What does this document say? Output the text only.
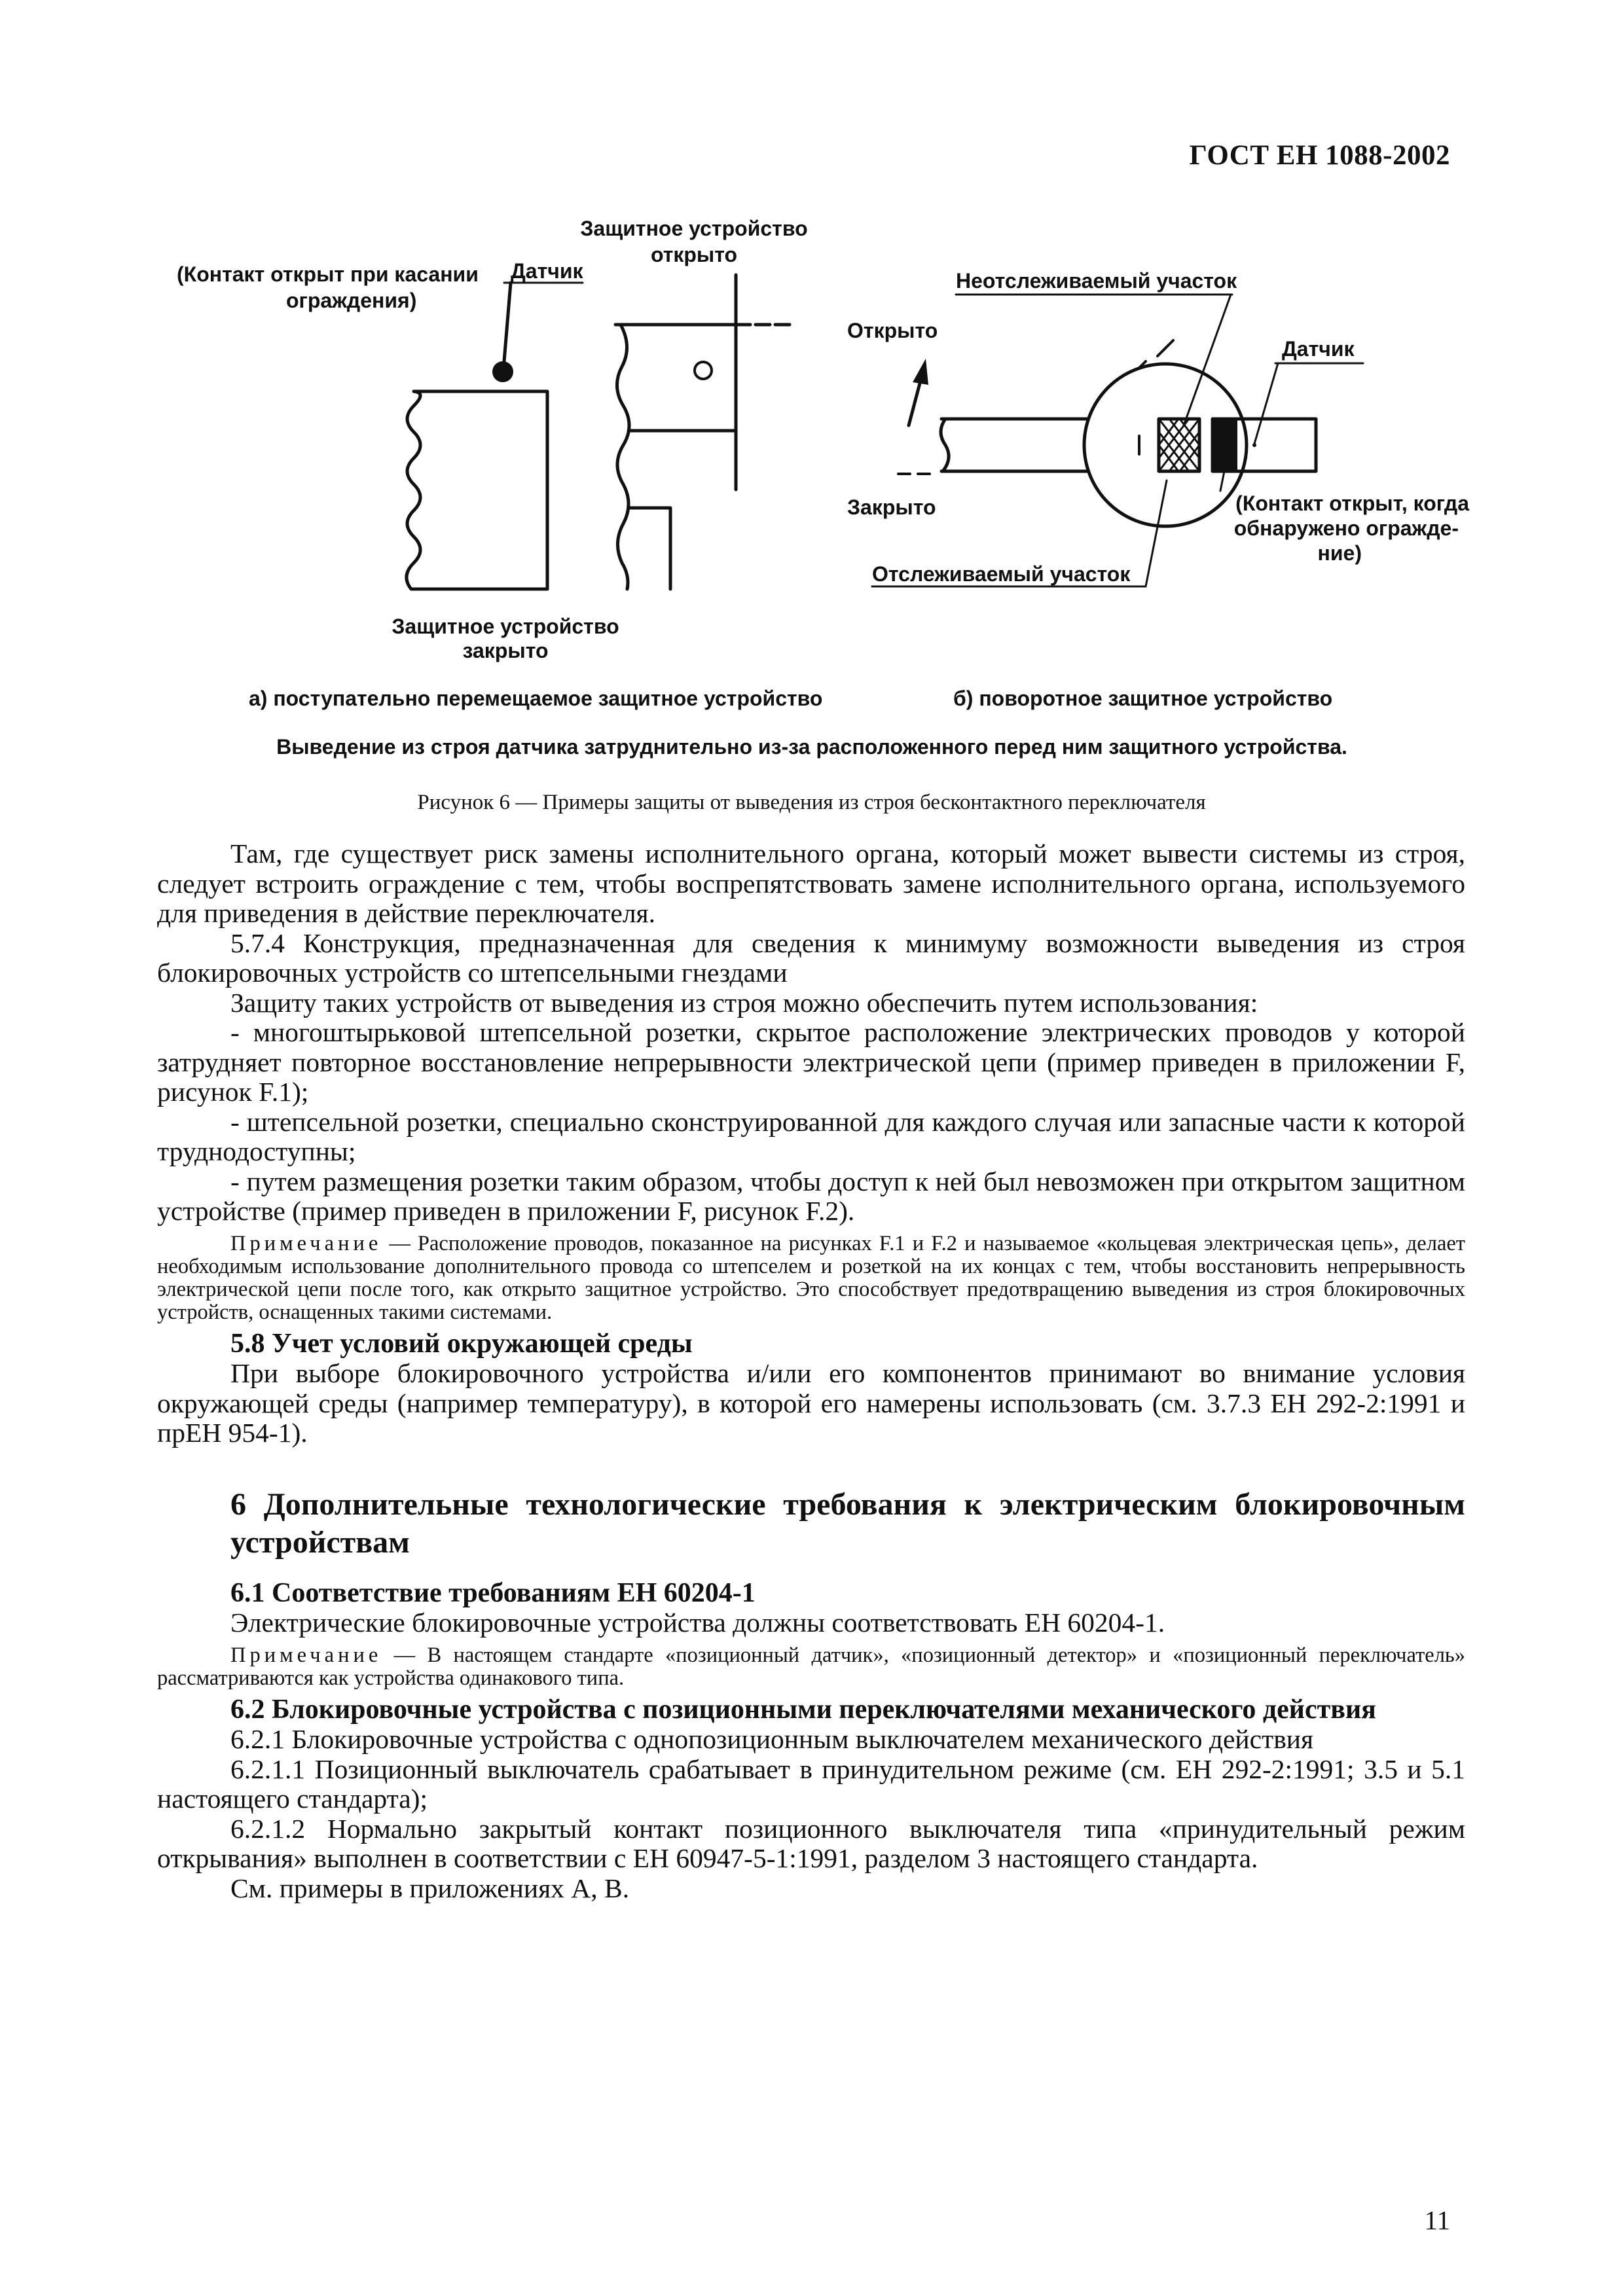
ГОСТ ЕН 1088-2002
Защитное устройство
открыто
(Контакт открыт при касании
ограждения)
Датчик
Защитное устройство
закрыто
а) поступательно перемещаемое защитное устройство
Неотслеживаемый участок
Открыто
Датчик
Закрыто	(Контакт открыт, когда
обнаружено огражде-
ние)
Отслеживаемый участок
б) поворотное защитное устройство
Выведение из строя датчика затруднительно из-за расположенного перед ним защитного устройства.
Рисунок 6 — Примеры защиты от выведения из строя бесконтактного переключателя

Там, где существует риск замены исполнительного органа, который может вывести системы из строя, следует встроить ограждение с тем, чтобы воспрепятствовать замене исполнительного органа, используемого для приведения в действие переключателя.

5.7.4 Конструкция, предназначенная для сведения к минимуму возможности выведения из строя блокировочных устройств со штепсельными гнездами

Защиту таких устройств от выведения из строя можно обеспечить путем использования:

- многоштырьковой штепсельной розетки, скрытое расположение электрических проводов у которой затрудняет повторное восстановление непрерывности электрической цепи (пример приведен в приложении F, рисунок F.1);

- штепсельной розетки, специально сконструированной для каждого случая или запасные части к которой труднодоступны;

- путем размещения розетки таким образом, чтобы доступ к ней был невозможен при открытом защитном устройстве (пример приведен в приложении F, рисунок F.2).

Примечание — Расположение проводов, показанное на рисунках F.1 и F.2 и называемое «кольцевая электрическая цепь», делает необходимым использование дополнительного провода со штепселем и розеткой на их концах с тем, чтобы восстановить непрерывность электрической цепи после того, как открыто защитное устройство. Это способствует предотвращению выведения из строя блокировочных устройств, оснащенных такими системами.

5.8 Учет условий окружающей среды

При выборе блокировочного устройства и/или его компонентов принимают во внимание условия окружающей среды (например температуру), в которой его намерены использовать (см. 3.7.3 ЕН 292-2:1991 и прЕН 954-1).

6 Дополнительные технологические требования к электрическим блокировочным устройствам

6.1 Соответствие требованиям ЕН 60204-1

Электрические блокировочные устройства должны соответствовать ЕН 60204-1.

Примечание — В настоящем стандарте «позиционный датчик», «позиционный детектор» и «позиционный переключатель» рассматриваются как устройства одинакового типа.

6.2 Блокировочные устройства с позиционными переключателями механического действия

6.2.1 Блокировочные устройства с однопозиционным выключателем механического действия

6.2.1.1 Позиционный выключатель срабатывает в принудительном режиме (см. ЕН 292-2:1991; 3.5 и 5.1 настоящего стандарта);

6.2.1.2 Нормально закрытый контакт позиционного выключателя типа «принудительный режим открывания» выполнен в соответствии с ЕН 60947-5-1:1991, разделом 3 настоящего стандарта.

См. примеры в приложениях А, В.

11
